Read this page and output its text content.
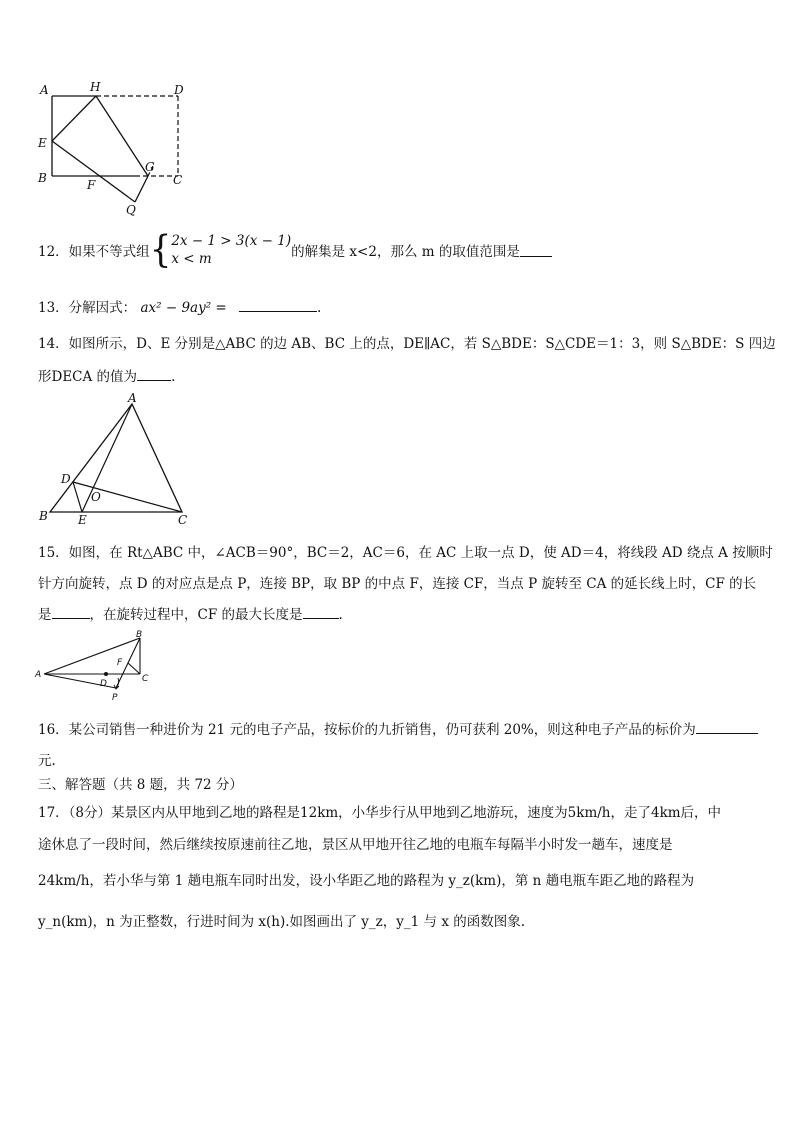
A	H	D
E
G
B	F	C
Q
12．如果不等式组{ 2x − 1 > 3(x − 1)
x < m	的解集是 x<2，那么 m 的取值范围是
13．分解因式： ax² − 9ay² =	.
14．如图所示，D、E 分别是△ABC 的边 AB、BC 上的点，DE∥AC，若 S△BDE：S△CDE＝1：3，则 S△BDE：S 四边
形DECA 的值为	.
A
D
O
B	E	C
15．如图，在 Rt△ABC 中，∠ACB＝90°，BC＝2，AC＝6，在 AC 上取一点 D，使 AD＝4，将线段 AD 绕点 A 按顺时
针方向旋转，点 D 的对应点是点 P，连接 BP，取 BP 的中点 F，连接 CF，当点 P 旋转至 CA 的延长线上时，CF 的长
是	，在旋转过程中，CF 的最大长度是	.
A
B
F
D	C
P
16．某公司销售一种进价为 21 元的电子产品，按标价的九折销售，仍可获利 20%，则这种电子产品的标价为
元.
三、解答题（共 8 题，共 72 分）
17．（8分）某景区内从甲地到乙地的路程是12km，小华步行从甲地到乙地游玩，速度为5km/h，走了4km后，中
途休息了一段时间，然后继续按原速前往乙地，景区从甲地开往乙地的电瓶车每隔半小时发一趟车，速度是
24km/h，若小华与第 1 趟电瓶车同时出发，设小华距乙地的路程为 y_z(km)，第 n 趟电瓶车距乙地的路程为
y_n(km)，n 为正整数，行进时间为 x(h).如图画出了 y_z，y_1 与 x 的函数图象.
